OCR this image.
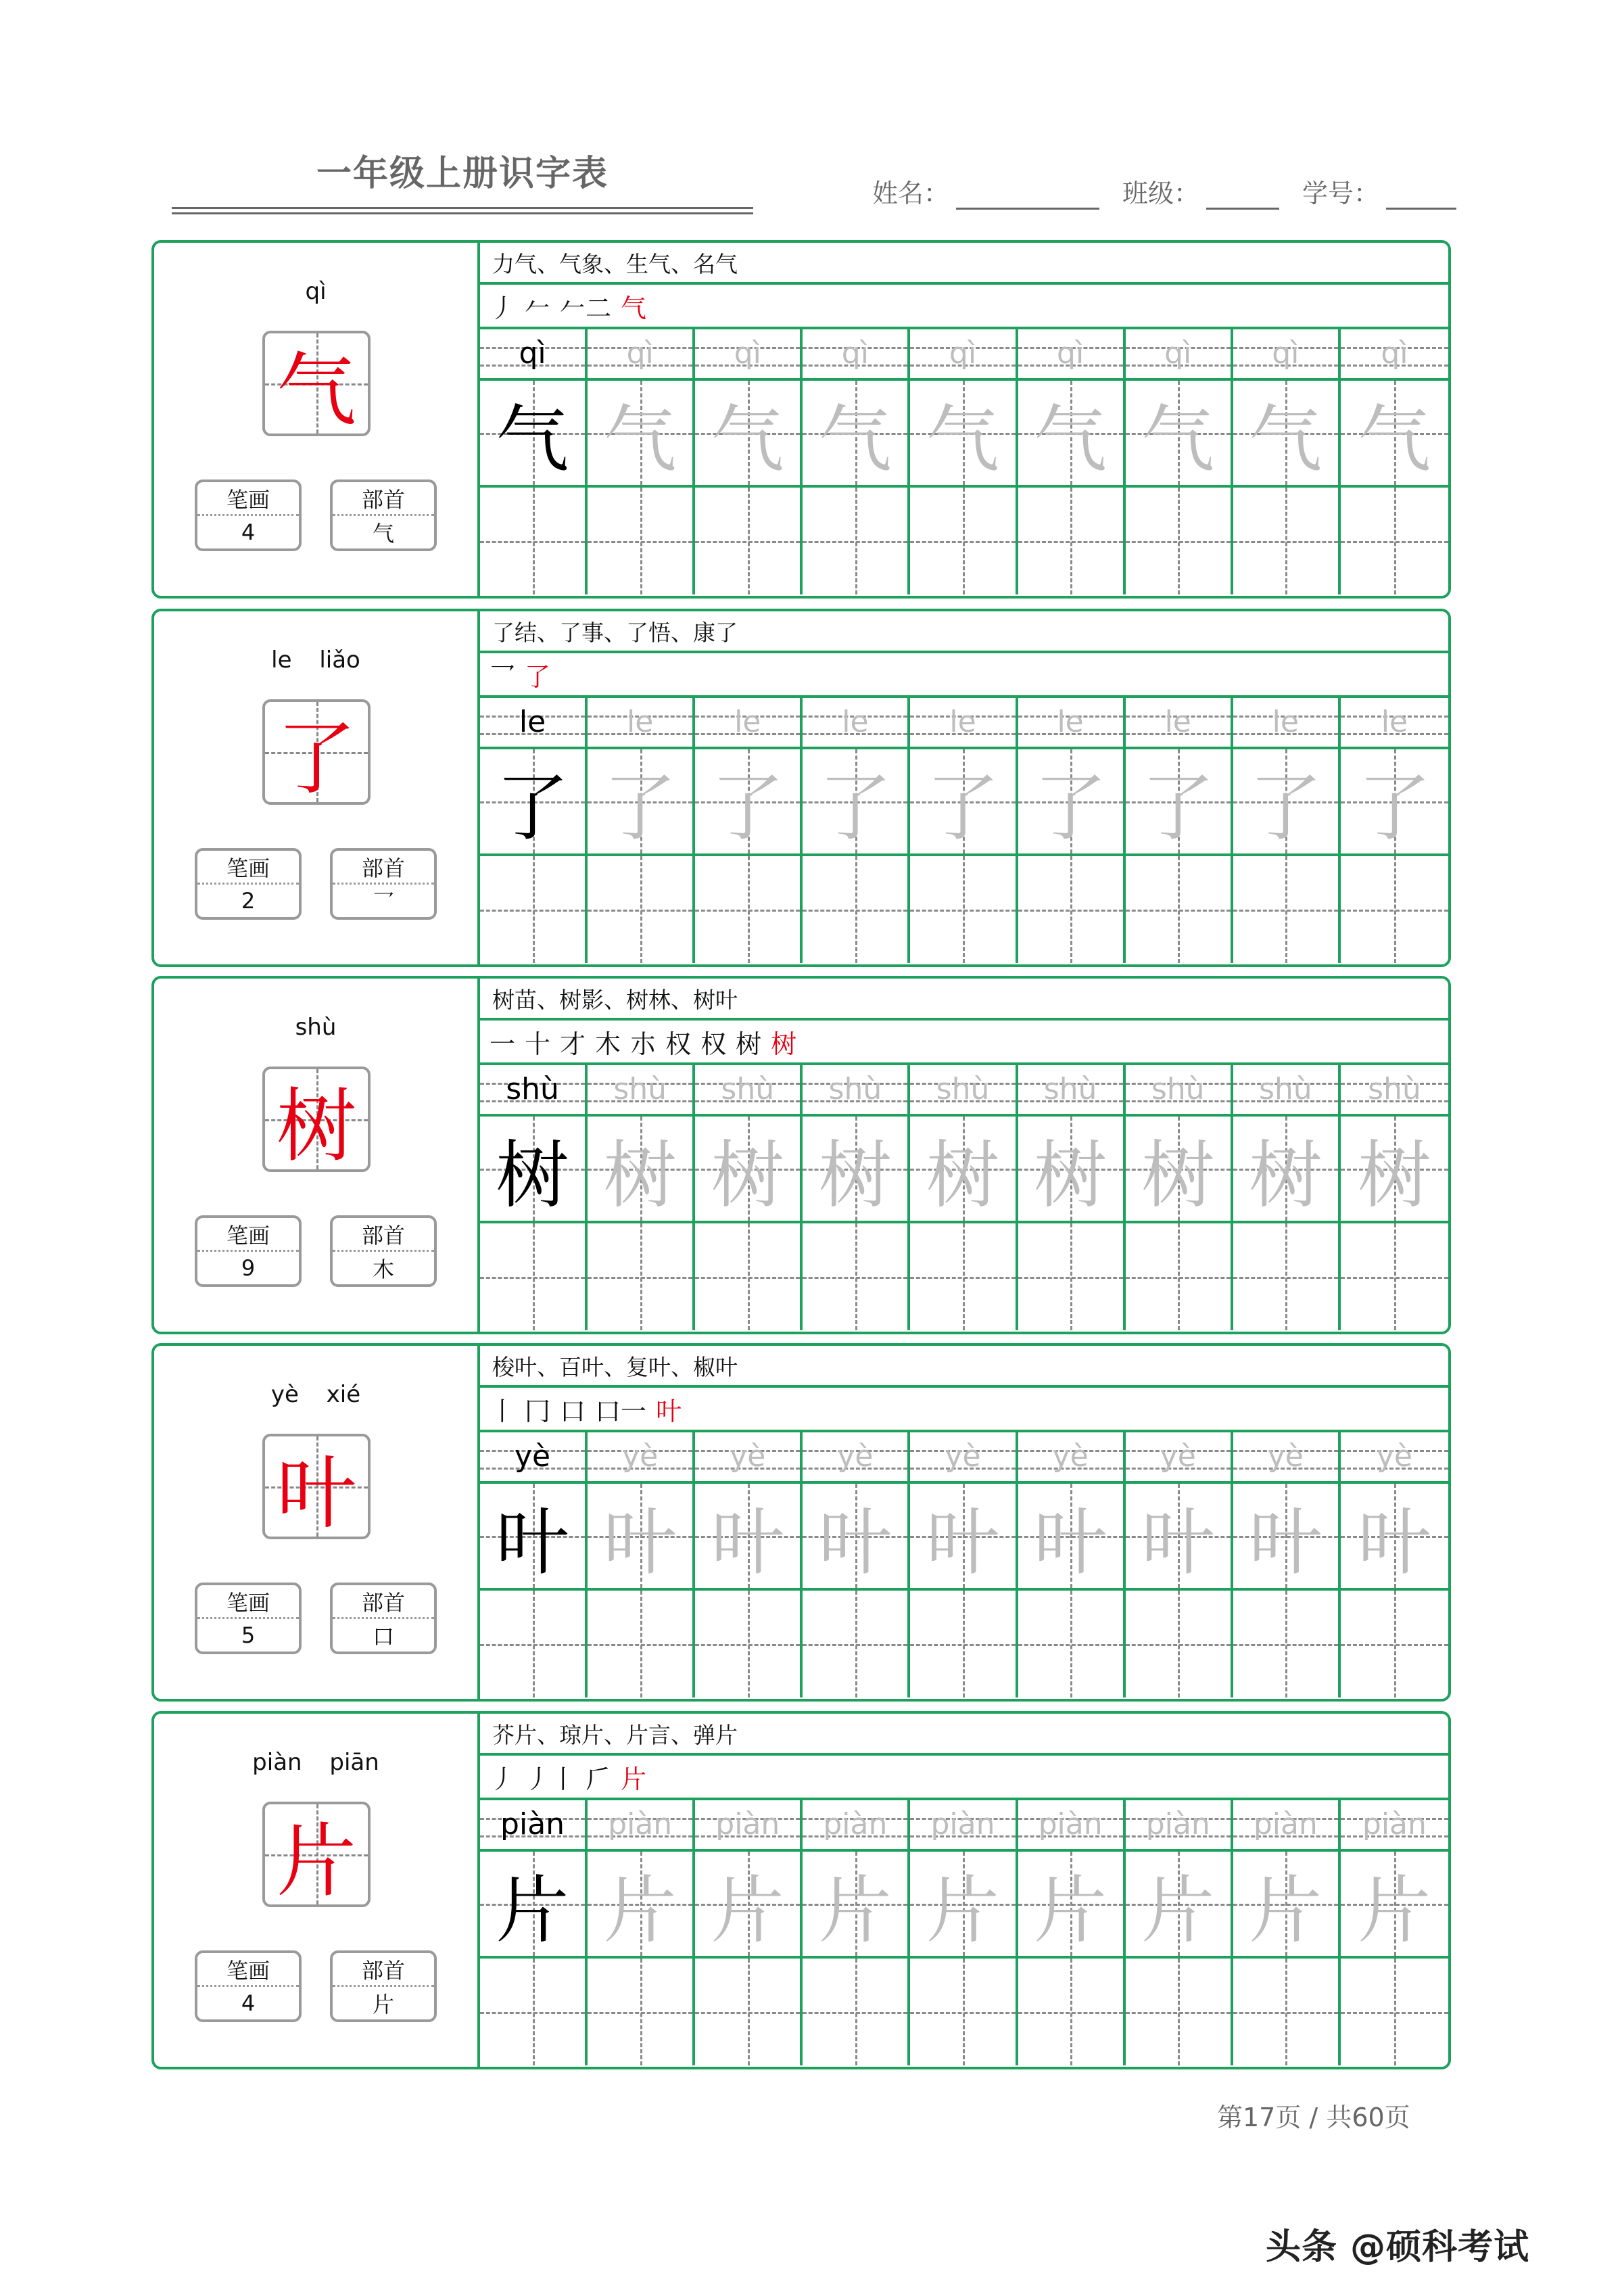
一年级上册识字表	姓名：	班级：	学号：
qì
气
笔画
4
部首
气
力气、气象、生气、名气
丿 𠂉 𠂉二 气
qì
气
qì
气
qì
气
qì
气
qì
气
qì
气
qì
气
qì
气
qì
气
le liǎo
了
笔画
2
部首
乛
了结、了事、了悟、康了
乛 了
le
了
le
了
le
了
le
了
le
了
le
了
le
了
le
了
le
了
shù
树
笔画
9
部首
木
树苗、树影、树林、树叶
一 十 才 木 朩 权 权 树 树
shù
树
shù
树
shù
树
shù
树
shù
树
shù
树
shù
树
shù
树
shù
树
yè xié
叶
笔画
5
部首
口
梭叶、百叶、复叶、椒叶
丨 冂 口 口一 叶
yè
叶
yè
叶
yè
叶
yè
叶
yè
叶
yè
叶
yè
叶
yè
叶
yè
叶
piàn piān
片
笔画
4
部首
片
芥片、琼片、片言、弹片
丿 丿丨 𠂆 片
piàn
片
piàn
片
piàn
片
piàn
片
piàn
片
piàn
片
piàn
片
piàn
片
piàn
片
第17页 / 共60页
头条 @硕科考试
